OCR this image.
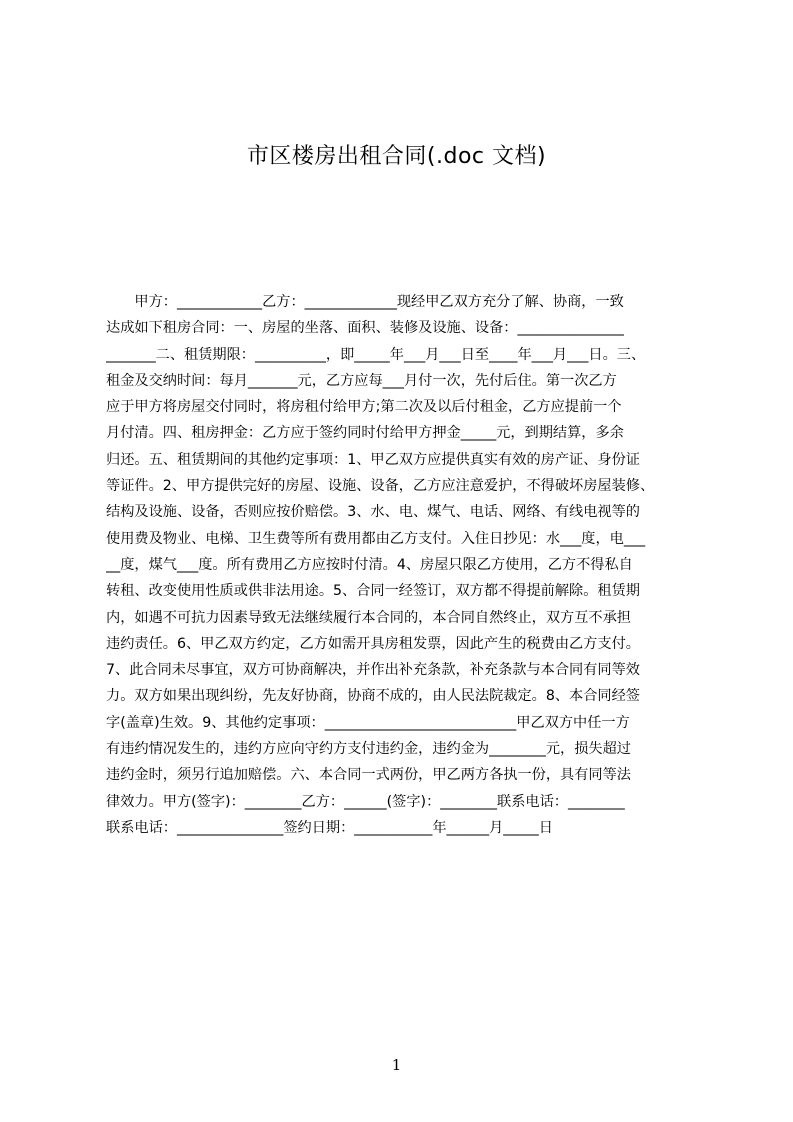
市区楼房出租合同(.doc 文档)
　　甲方：____________乙方：_____________现经甲乙双方充分了解、协商，一致
达成如下租房合同：一、房屋的坐落、面积、装修及设施、设备：_______________
_______二、租赁期限：__________，即_____年___月___日至____年___月___日。三、
租金及交纳时间：每月_______元，乙方应每___月付一次，先付后住。第一次乙方
应于甲方将房屋交付同时，将房租付给甲方;第二次及以后付租金，乙方应提前一个
月付清。四、租房押金：乙方应于签约同时付给甲方押金_____元，到期结算，多余
归还。五、租赁期间的其他约定事项：1、甲乙双方应提供真实有效的房产证、身份证
等证件。2、甲方提供完好的房屋、设施、设备，乙方应注意爱护，不得破坏房屋装修、
结构及设施、设备，否则应按价赔偿。3、水、电、煤气、电话、网络、有线电视等的
使用费及物业、电梯、卫生费等所有费用都由乙方支付。入住日抄见：水___度，电___
__度，煤气___度。所有费用乙方应按时付清。4、房屋只限乙方使用，乙方不得私自
转租、改变使用性质或供非法用途。5、合同一经签订，双方都不得提前解除。租赁期
内，如遇不可抗力因素导致无法继续履行本合同的，本合同自然终止，双方互不承担
违约责任。6、甲乙双方约定，乙方如需开具房租发票，因此产生的税费由乙方支付。
7、此合同未尽事宜，双方可协商解决，并作出补充条款，补充条款与本合同有同等效
力。双方如果出现纠纷，先友好协商，协商不成的，由人民法院裁定。8、本合同经签
字(盖章)生效。9、其他约定事项：___________________________甲乙双方中任一方
有违约情况发生的，违约方应向守约方支付违约金，违约金为________元，损失超过
违约金时，须另行追加赔偿。六、本合同一式两份，甲乙两方各执一份，具有同等法
律效力。甲方(签字)：________乙方：______(签字)：________联系电话：________
联系电话：_______________签约日期：___________年______月_____日
1
